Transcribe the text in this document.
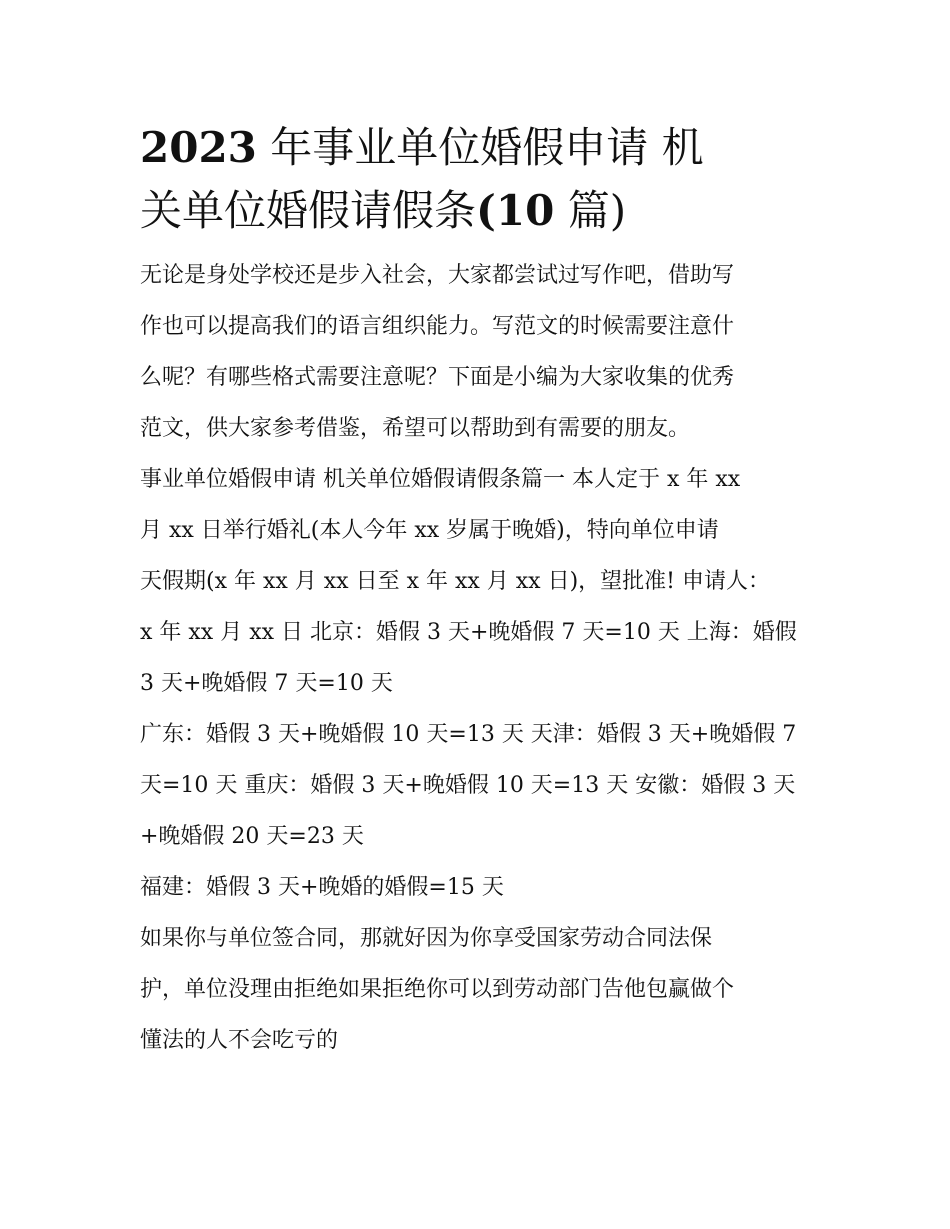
2023 年事业单位婚假申请 机
关单位婚假请假条(10 篇)

无论是身处学校还是步入社会，大家都尝试过写作吧，借助写
作也可以提高我们的语言组织能力。写范文的时候需要注意什
么呢？有哪些格式需要注意呢？下面是小编为大家收集的优秀
范文，供大家参考借鉴，希望可以帮助到有需要的朋友。

事业单位婚假申请 机关单位婚假请假条篇一 本人定于 x 年 xx
月 xx 日举行婚礼(本人今年 xx 岁属于晚婚)，特向单位申请
天假期(x 年 xx 月 xx 日至 x 年 xx 月 xx 日)，望批准! 申请人：
x 年 xx 月 xx 日 北京：婚假 3 天+晚婚假 7 天=10 天 上海：婚假
3 天+晚婚假 7 天=10 天

广东：婚假 3 天+晚婚假 10 天=13 天 天津：婚假 3 天+晚婚假 7
天=10 天 重庆：婚假 3 天+晚婚假 10 天=13 天 安徽：婚假 3 天
+晚婚假 20 天=23 天

福建：婚假 3 天+晚婚的婚假=15 天

如果你与单位签合同，那就好因为你享受国家劳动合同法保
护，单位没理由拒绝如果拒绝你可以到劳动部门告他包赢做个
懂法的人不会吃亏的
